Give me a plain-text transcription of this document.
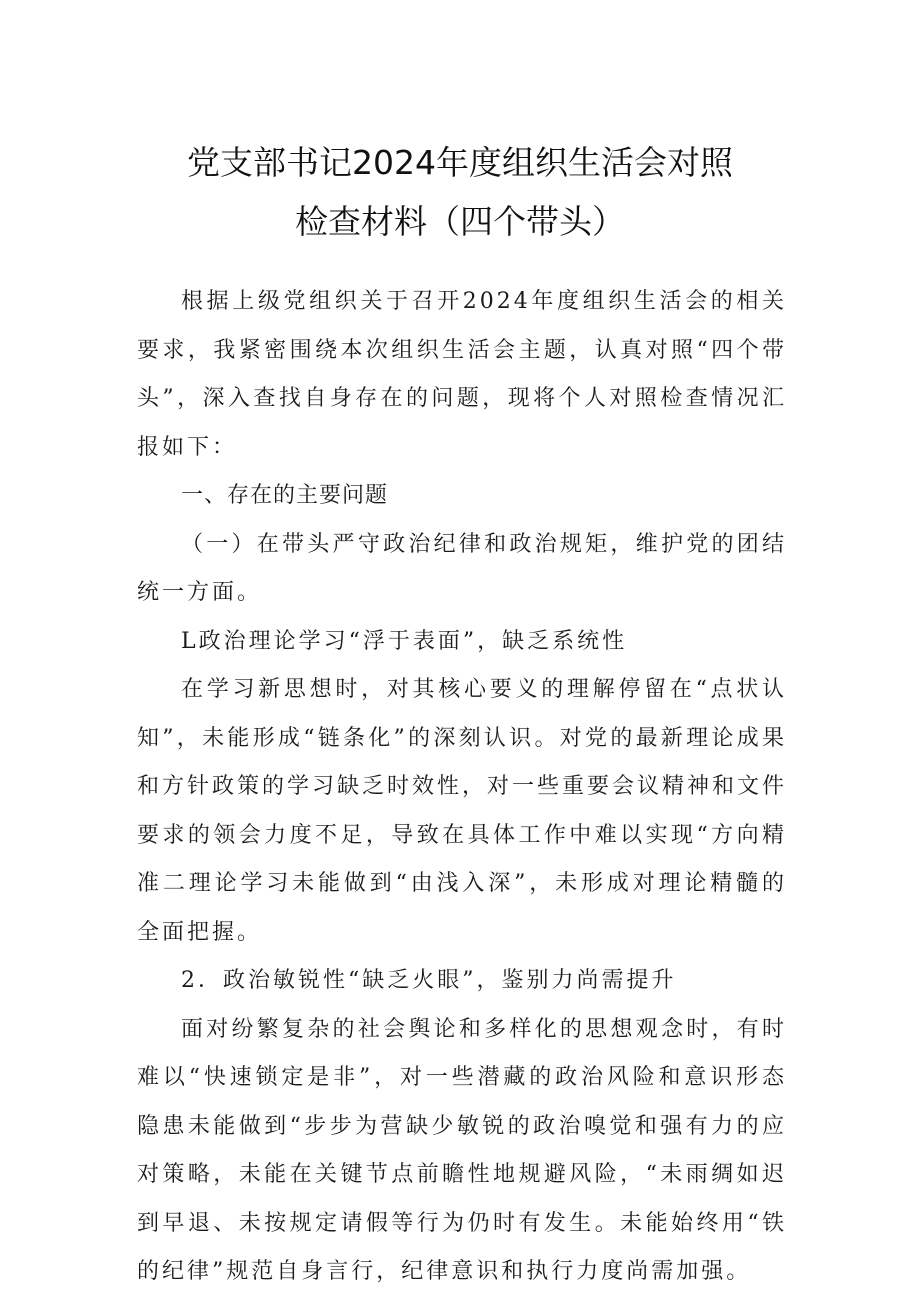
党支部书记2024年度组织生活会对照
检查材料（四个带头）

根据上级党组织关于召开2024年度组织生活会的相关要求，我紧密围绕本次组织生活会主题，认真对照“四个带头”，深入查找自身存在的问题，现将个人对照检查情况汇报如下：

一、存在的主要问题

（一）在带头严守政治纪律和政治规矩，维护党的团结统一方面。

L政治理论学习“浮于表面”，缺乏系统性

在学习新思想时，对其核心要义的理解停留在“点状认知”，未能形成“链条化”的深刻认识。对党的最新理论成果和方针政策的学习缺乏时效性，对一些重要会议精神和文件要求的领会力度不足，导致在具体工作中难以实现“方向精准二理论学习未能做到“由浅入深”，未形成对理论精髓的全面把握。

2．政治敏锐性“缺乏火眼”，鉴别力尚需提升

面对纷繁复杂的社会舆论和多样化的思想观念时，有时难以“快速锁定是非”，对一些潜藏的政治风险和意识形态隐患未能做到“步步为营缺少敏锐的政治嗅觉和强有力的应对策略，未能在关键节点前瞻性地规避风险，“未雨绸如迟到早退、未按规定请假等行为仍时有发生。未能始终用“铁的纪律”规范自身言行，纪律意识和执行力度尚需加强。
